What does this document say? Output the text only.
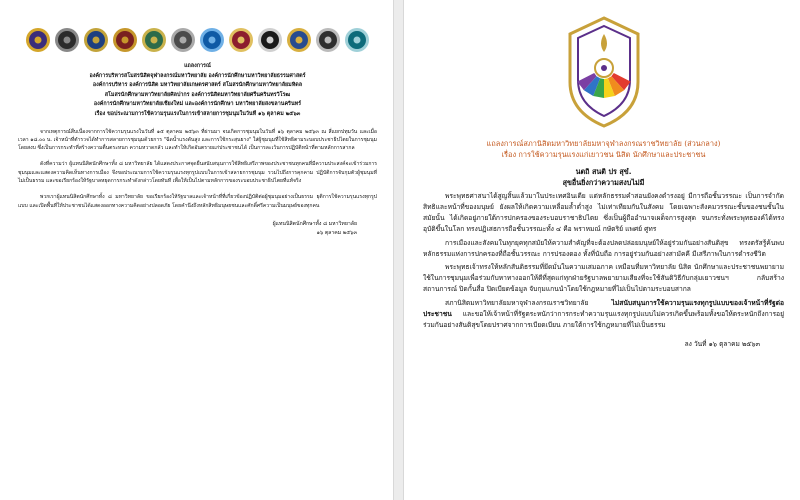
แถลงการณ์
องค์การบริหารสโมสรนิสิตจุฬาลงกรณ์มหาวิทยาลัย องค์การนักศึกษามหาวิทยาลัยธรรมศาสตร์
องค์การบริหาร องค์การนิสิต มหาวิทยาลัยเกษตรศาสตร์ สโมสรนักศึกษามหาวิทยาลัยมหิดล
สโมสรนักศึกษามหาวิทยาลัยศิลปากร องค์การนิสิตมหาวิทยาลัยศรีนครินทรวิโรฒ
องค์การนักศึกษามหาวิทยาลัยเชียงใหม่ และองค์การนักศึกษา มหาวิทยาลัยสงขลานครินทร์
เรื่อง ขอประณามการใช้ความรุนแรงในการเข้าสลายการชุมนุมในวันที่ ๑๖ ตุลาคม ๒๕๖๓
จากเหตุการณ์สืบเนื่องจากการใช้ความรุนแรงในวันที่ ๑๕ ตุลาคม ๒๕๖๓ ที่ผ่านมา จนเกิดการชุมนุมในวันที่ ๑๖ ตุลาคม ๒๕๖๓ ณ สี่แยกปทุมวัน และเมื่อเวลา ๑๘.๐๐ น. เจ้าหน้าที่ตำรวจได้ทำการสลายการชุมนุมด้วยการ "ฉีดน้ำแรงดันสูง และการใช้กระสุนยาง" ใส่ผู้ชุมนุมที่ใช้สิทธิตามระบอบประชาธิปไตยในการชุมนุมโดยสงบ ซึ่งเป็นการกระทำที่สร้างความตื่นตระหนก ความหวาดกลัว และทำให้เกิดอันตรายแก่ประชาชนได้ เป็นการละเว้นการปฏิบัติหน้าที่ตามหลักการสากล
ดังที่ความว่า ผู้แทนนิสิตนักศึกษาทั้ง ๘ มหาวิทยาลัย ได้แสดงประกาศจุดยืนสนับสนุนการใช้สิทธิเสรีภาพของประชาชนทุกคนที่มีความประสงค์จะเข้าร่วมการชุมนุมและแสดงความคิดเห็นทางการเมือง จึงขอประณามการใช้ความรุนแรงทุกรูปแบบในการเข้าสลายการชุมนุม รวมไปถึงการคุกคาม ปฏิบัติการจับกุมตัวผู้ชุมนุมที่ไม่เป็นธรรม และขอเรียกร้องให้รัฐบาลหยุดการกระทำดังกล่าวโดยทันที เพื่อให้เป็นไปตามหลักการของระบอบประชาธิปไตยที่แท้จริง
พวกเราผู้แทนนิสิตนักศึกษาทั้ง ๘ มหาวิทยาลัย ขอเรียกร้องให้รัฐบาลและเจ้าหน้าที่ที่เกี่ยวข้องปฏิบัติต่อผู้ชุมนุมอย่างเป็นธรรม ยุติการใช้ความรุนแรงทุกรูปแบบ และเปิดพื้นที่ให้ประชาชนได้แสดงออกทางความคิดอย่างปลอดภัย โดยคำนึงถึงหลักสิทธิมนุษยชนและศักดิ์ศรีความเป็นมนุษย์ของทุกคน
ผู้แทนนิสิตนักศึกษาทั้ง ๘ มหาวิทยาลัย
๑๖ ตุลาคม ๒๕๖๓
แถลงการณ์สภานิสิตมหาวิทยาลัยมหาจุฬาลงกรณราชวิทยาลัย (ส่วนกลาง)
เรื่อง การใช้ความรุนแรงแก่เยาวชน นิสิต นักศึกษาและประชาชน
นตถิ สนติ ปร สุขํ.
สุขอื่นยิ่งกว่าความสงบไม่มี
พระพุทธศาสนาได้สูญสิ้นแล้วมาในประเทศอินเดีย แต่หลักธรรมคำสอนยังคงดำรงอยู่ มีการถือชั้นวรรณะ เป็นการจำกัดสิทธิและหน้าที่ของมนุษย์ ยังผลให้เกิดความเหลื่อมล้ำต่ำสูง ไม่เท่าเทียมกันในสังคม โดยเฉพาะสังคมวรรณะชั้นของชนชั้นในสมัยนั้น ได้เกิดอยู่ภายใต้การปกครองของระบอบราชาธิปไตย ซึ่งเป็นผู้ถืออำนาจเผด็จการสูงสุด จนกระทั่งพระพุทธองค์ได้ทรงอุบัติขึ้นในโลก ทรงปฏิเสธการถือชั้นวรรณะทั้ง ๔ คือ พราหมณ์ กษัตริย์ แพศย์ ศูทร
การเมืองและสังคมในทุกยุคทุกสมัยให้ความสำคัญที่จะต้องปลดปล่อยมนุษย์ให้อยู่ร่วมกันอย่างสันติสุข ทรงตรัสรู้ค้นพบหลักธรรมแห่งการปกครองที่ถือชั้นวรรณะ การปรองดอง ทั้งที่นับถือ การอยู่ร่วมกันอย่างสามัคคี มีเสรีภาพในการดำรงชีวิต
พระพุทธเจ้าทรงให้หลักสันติธรรมที่ยึดมั่นในความเสมอภาค เหมือนที่มหาวิทยาลัย นิสิต นักศึกษาและประชาชนพยายามใช้ในการชุมนุมเพื่อร่วมกับหาทางออกให้ดีที่สุดแก่ทุกฝ่ายรัฐบาลพยายามเสียงที่จะใช้สันติวิธีกับกลุ่มเยาวชนฯ กลับสร้างสถานการณ์ ปิดกั้นสื่อ ปิดเบียดข้อมูล จับกุมแกนนำโดยใช้กฎหมายที่ไม่เป็นไปตามระบอบสากล
สภานิสิตมหาวิทยาลัยมหาจุฬาลงกรณราชวิทยาลัย ไม่สนับสนุนการใช้ความรุนแรงทุกรูปแบบของเจ้าหน้าที่รัฐต่อประชาชน และขอให้เจ้าหน้าที่รัฐตระหนักว่าการกระทำความรุนแรงทุกรูปแบบไม่ควรเกิดขึ้นพร้อมทั้งขอให้ตระหนักถึงการอยู่ร่วมกันอย่างสันติสุขโดยปราศจากการเบียดเบียน ภายใต้การใช้กฎหมายที่ไม่เป็นธรรม
ลง วันที่ ๑๖ ตุลาคม ๒๕๖๓
